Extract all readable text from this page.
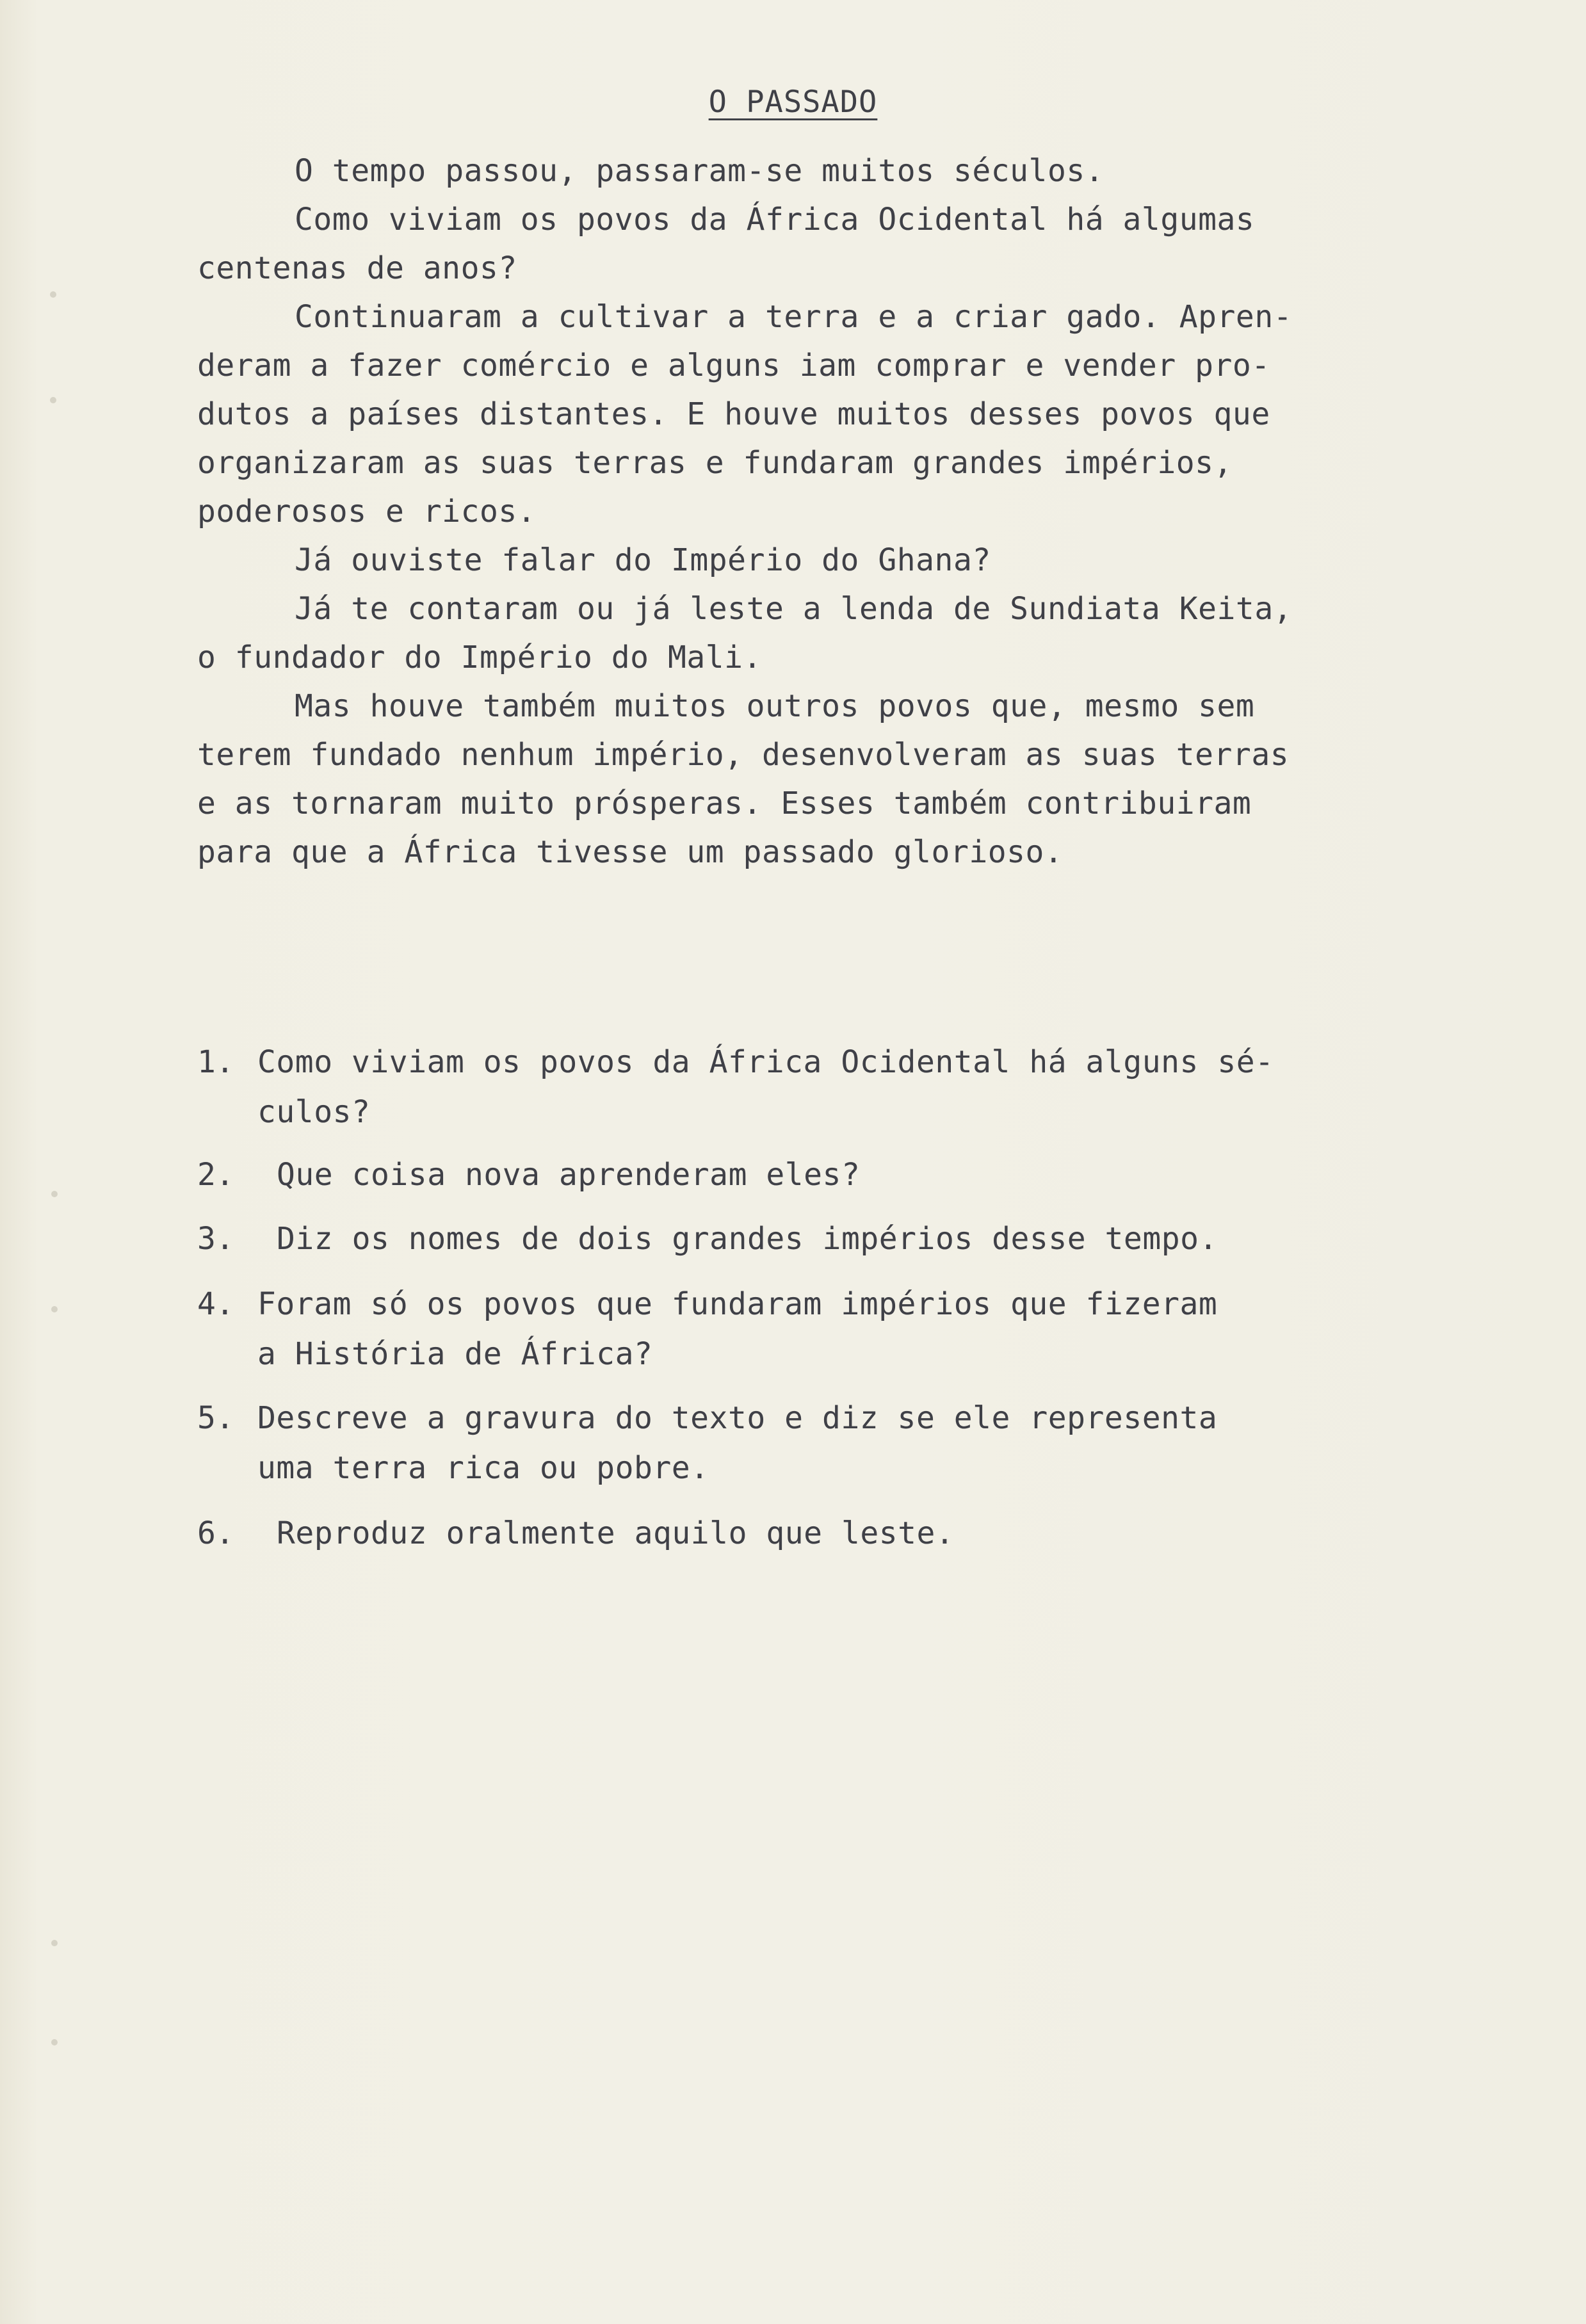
O PASSADO
O tempo passou, passaram-se muitos séculos.
Como viviam os povos da África Ocidental há algumas
centenas de anos?
Continuaram a cultivar a terra e a criar gado. Apren-
deram a fazer comércio e alguns iam comprar e vender pro-
dutos a países distantes. E houve muitos desses povos que
organizaram as suas terras e fundaram grandes impérios,
poderosos e ricos.
Já ouviste falar do Império do Ghana?
Já te contaram ou já leste a lenda de Sundiata Keita,
o fundador do Império do Mali.
Mas houve também muitos outros povos que, mesmo sem
terem fundado nenhum império, desenvolveram as suas terras
e as tornaram muito prósperas. Esses também contribuiram
para que a África tivesse um passado glorioso.
1. Como viviam os povos da África Ocidental há alguns sé-
culos?
2. Que coisa nova aprenderam eles?
3. Diz os nomes de dois grandes impérios desse tempo.
4. Foram só os povos que fundaram impérios que fizeram
a História de África?
5. Descreve a gravura do texto e diz se ele representa
uma terra rica ou pobre.
6. Reproduz oralmente aquilo que leste.
